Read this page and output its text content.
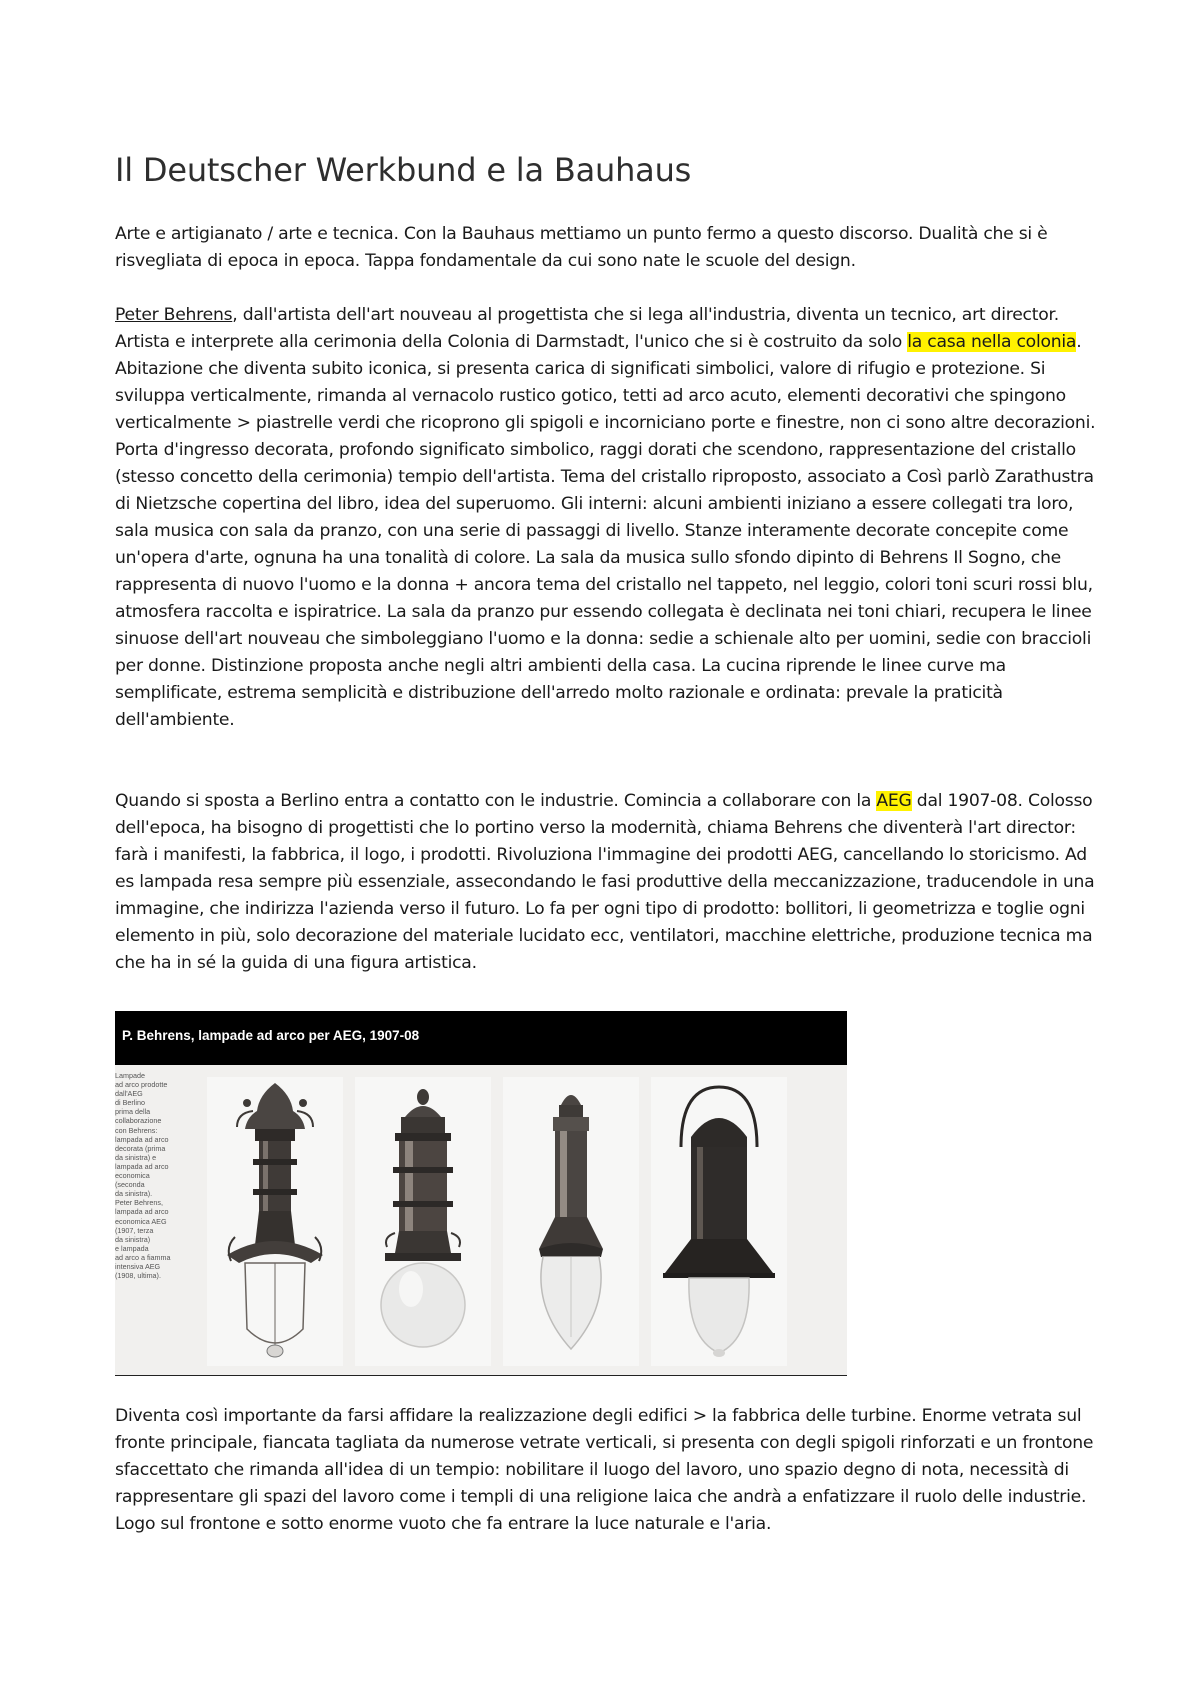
Il Deutscher Werkbund e la Bauhaus

Arte e artigianato / arte e tecnica. Con la Bauhaus mettiamo un punto fermo a questo discorso. Dualità che si è risvegliata di epoca in epoca. Tappa fondamentale da cui sono nate le scuole del design.

Peter Behrens, dall'artista dell'art nouveau al progettista che si lega all'industria, diventa un tecnico, art director. Artista e interprete alla cerimonia della Colonia di Darmstadt, l'unico che si è costruito da solo la casa nella colonia. Abitazione che diventa subito iconica, si presenta carica di significati simbolici, valore di rifugio e protezione. Si sviluppa verticalmente, rimanda al vernacolo rustico gotico, tetti ad arco acuto, elementi decorativi che spingono verticalmente > piastrelle verdi che ricoprono gli spigoli e incorniciano porte e finestre, non ci sono altre decorazioni. Porta d'ingresso decorata, profondo significato simbolico, raggi dorati che scendono, rappresentazione del cristallo (stesso concetto della cerimonia) tempio dell'artista. Tema del cristallo riproposto, associato a Così parlò Zarathustra di Nietzsche copertina del libro, idea del superuomo. Gli interni: alcuni ambienti iniziano a essere collegati tra loro, sala musica con sala da pranzo, con una serie di passaggi di livello. Stanze interamente decorate concepite come un'opera d'arte, ognuna ha una tonalità di colore. La sala da musica sullo sfondo dipinto di Behrens Il Sogno, che rappresenta di nuovo l'uomo e la donna + ancora tema del cristallo nel tappeto, nel leggio, colori toni scuri rossi blu, atmosfera raccolta e ispiratrice. La sala da pranzo pur essendo collegata è declinata nei toni chiari, recupera le linee sinuose dell'art nouveau che simboleggiano l'uomo e la donna: sedie a schienale alto per uomini, sedie con braccioli per donne. Distinzione proposta anche negli altri ambienti della casa. La cucina riprende le linee curve ma semplificate, estrema semplicità e distribuzione dell'arredo molto razionale e ordinata: prevale la praticità dell'ambiente.

Quando si sposta a Berlino entra a contatto con le industrie. Comincia a collaborare con la AEG dal 1907-08. Colosso dell'epoca, ha bisogno di progettisti che lo portino verso la modernità, chiama Behrens che diventerà l'art director: farà i manifesti, la fabbrica, il logo, i prodotti. Rivoluziona l'immagine dei prodotti AEG, cancellando lo storicismo. Ad es lampada resa sempre più essenziale, assecondando le fasi produttive della meccanizzazione, traducendole in una immagine, che indirizza l'azienda verso il futuro. Lo fa per ogni tipo di prodotto: bollitori, li geometrizza e toglie ogni elemento in più, solo decorazione del materiale lucidato ecc, ventilatori, macchine elettriche, produzione tecnica ma che ha in sé la guida di una figura artistica.

P. Behrens, lampade ad arco per AEG, 1907-08
Lampade
ad arco prodotte
dall'AEG
di Berlino
prima della
collaborazione
con Behrens:
lampada ad arco
decorata (prima
da sinistra) e
lampada ad arco
economica
(seconda
da sinistra).
Peter Behrens,
lampada ad arco
economica AEG
(1907, terza
da sinistra)
e lampada
ad arco a fiamma
intensiva AEG
(1908, ultima).

Diventa così importante da farsi affidare la realizzazione degli edifici > la fabbrica delle turbine. Enorme vetrata sul fronte principale, fiancata tagliata da numerose vetrate verticali, si presenta con degli spigoli rinforzati e un frontone sfaccettato che rimanda all'idea di un tempio: nobilitare il luogo del lavoro, uno spazio degno di nota, necessità di rappresentare gli spazi del lavoro come i templi di una religione laica che andrà a enfatizzare il ruolo delle industrie. Logo sul frontone e sotto enorme vuoto che fa entrare la luce naturale e l'aria.
